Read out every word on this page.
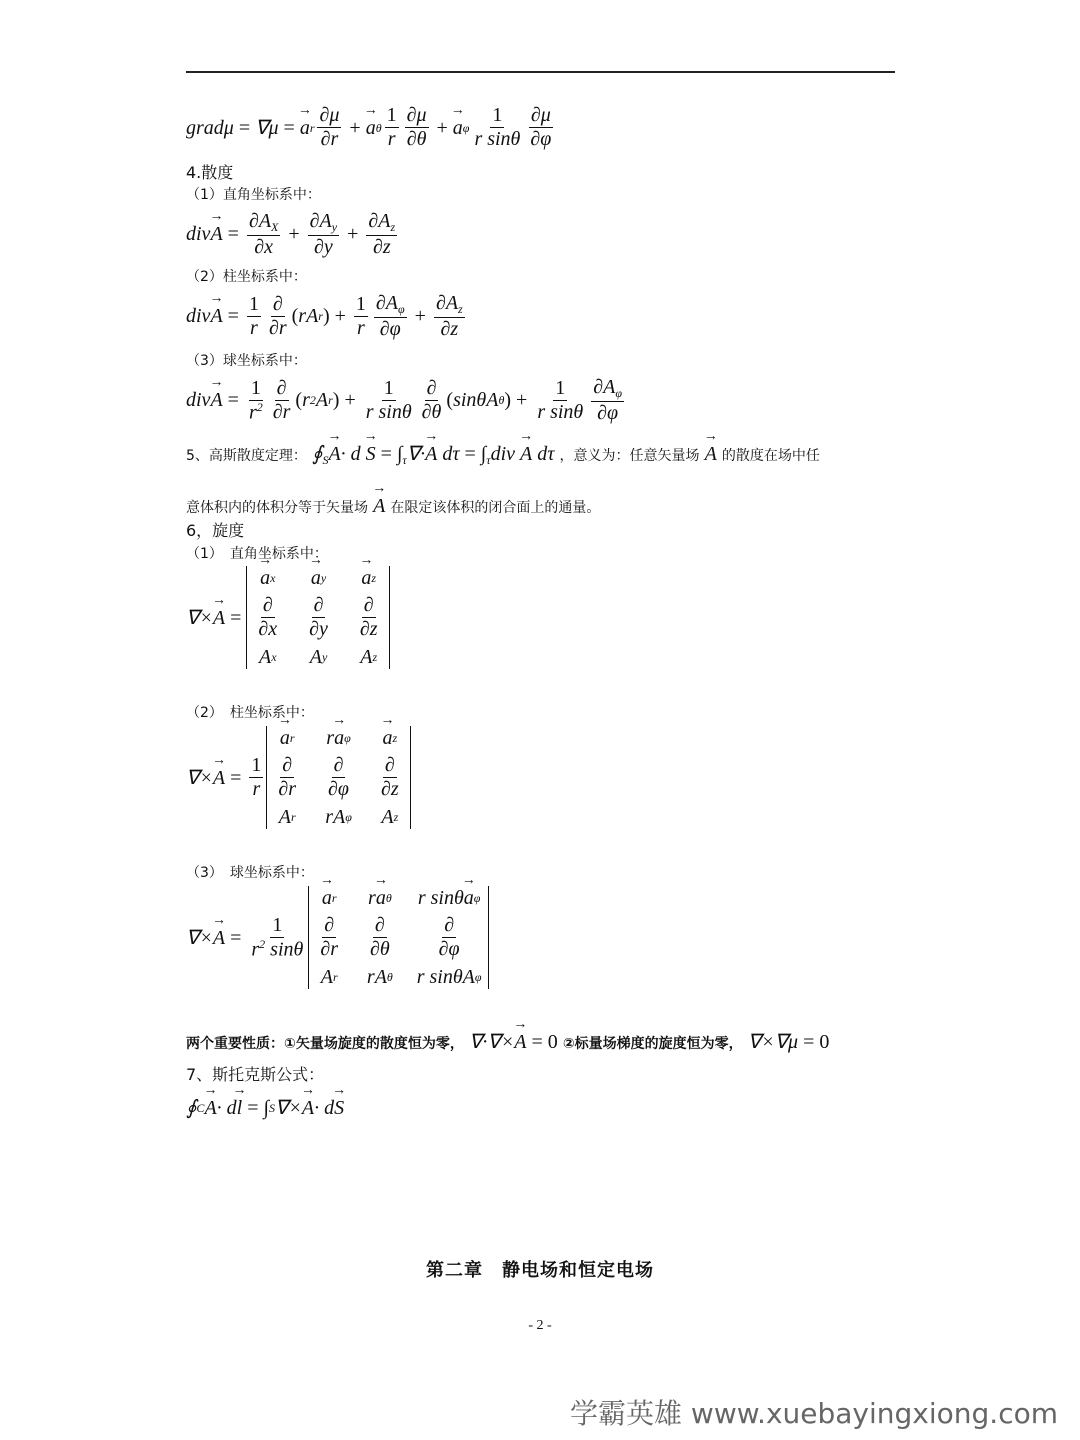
gradμ = ∇μ = → a r $\frac{\partial\mu}{\partial r}$ + → a θ $\frac{1}{r} \frac{\partial\mu}{\partial\theta}$ + → a φ $\frac{1}{\text{r sinθ}} \frac{\partial\mu}{\partial\varphi}$
4.散度
（1）直角坐标系中：
div → $A = \frac{\partial A_X}{\partial x} + \frac{\partial A_y}{\partial y} + \frac{\partial A_z}{\partial z}$
（2）柱坐标系中：
div → $A = \frac{1}{r} \frac{\partial}{\partial r}$ ( rA r ) + $\frac{1}{r} \frac{\partial A_\varphi}{\partial\varphi} + \frac{\partial A_z}{\partial z}$
（3）球坐标系中：
div → $A = \frac{1}{r^2} \frac{\partial}{\partial r}$ ( r 2 A r ) + $\frac{1}{\text{r sinθ}} \frac{\partial}{\partial\theta}$ ( sinθA θ ) + $\frac{1}{\text{r sinθ}} \frac{\partial A_\varphi}{\partial\varphi}$
5、高斯散度定理： $∮_S\to A\cdot d \to S = \int_\tau\nabla\cdot\to A$ $d\tau = \int_\tau div \to A$ dτ ，意义为：任意矢量场 → A 的散度在场中任
意体积内的体积分等于矢量场 → A 在限定该体积的闭合面上的通量。
6，旋度
（1）　直角坐标系中：
∇× → A =
→ a x → a y → a z
$\frac{\partial}{\partial x} \frac{\partial}{\partial y} \frac{\partial}{\partial z}$
A x A y A z
（2）　柱坐标系中：
∇× → $A = \frac{1}{r}$
→ a r r → a φ → a z
$\frac{\partial}{\partial r} \frac{\partial}{\partial\varphi} \frac{\partial}{\partial z}$
A r rA φ A z
（3）　球坐标系中：
∇× → $A = \frac{1}{r^2 \sin\theta}$
→ a r r → a θ r sinθ → a φ
$\frac{\partial}{\partial r} \frac{\partial}{\partial\theta} \frac{\partial}{\partial\varphi}$
A r rA θ r sinθA φ
两个重要性质：①矢量场旋度的散度恒为零， ∇·∇×→ A = 0 ②标量场梯度的旋度恒为零， ∇×∇μ = 0
7、斯托克斯公式：
∮ C → A · d → l = ∫ S ∇× → A · d → S
第二章　静电场和恒定电场
- 2 -
学霸英雄 www.xuebayingxiong.com
